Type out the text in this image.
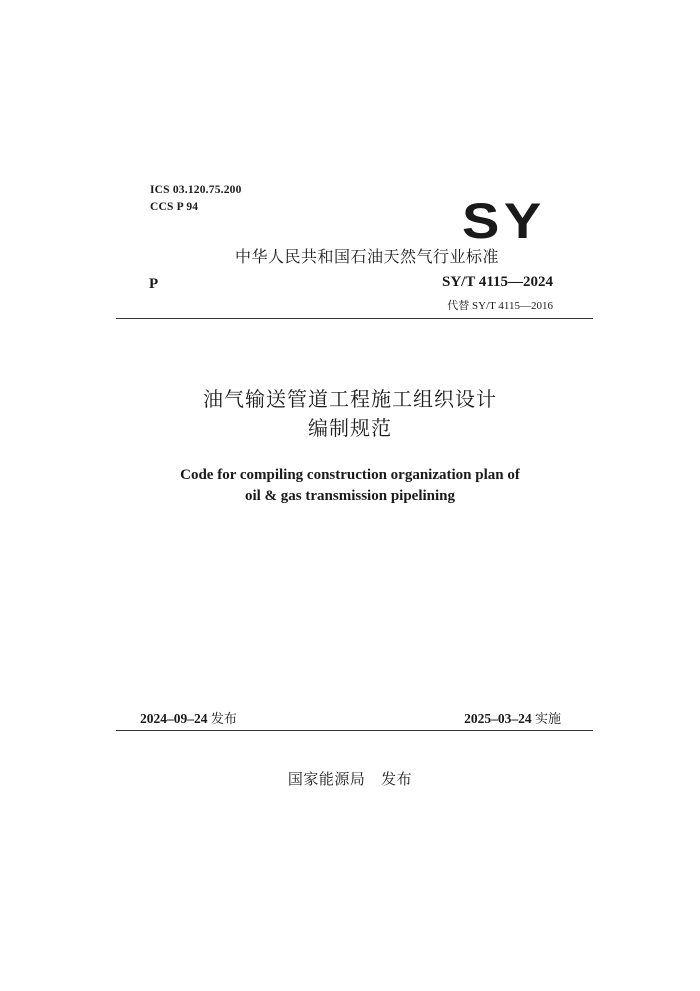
ICS 03.120.75.200
CCS P 94	SY
中华人民共和国石油天然气行业标准
P	SY/T 4115—2024
代替 SY/T 4115—2016
油气输送管道工程施工组织设计
编制规范
Code for compiling construction organization plan of
oil & gas transmission pipelining
2024–09–24 发布	2025–03–24 实施
国家能源局   发布
